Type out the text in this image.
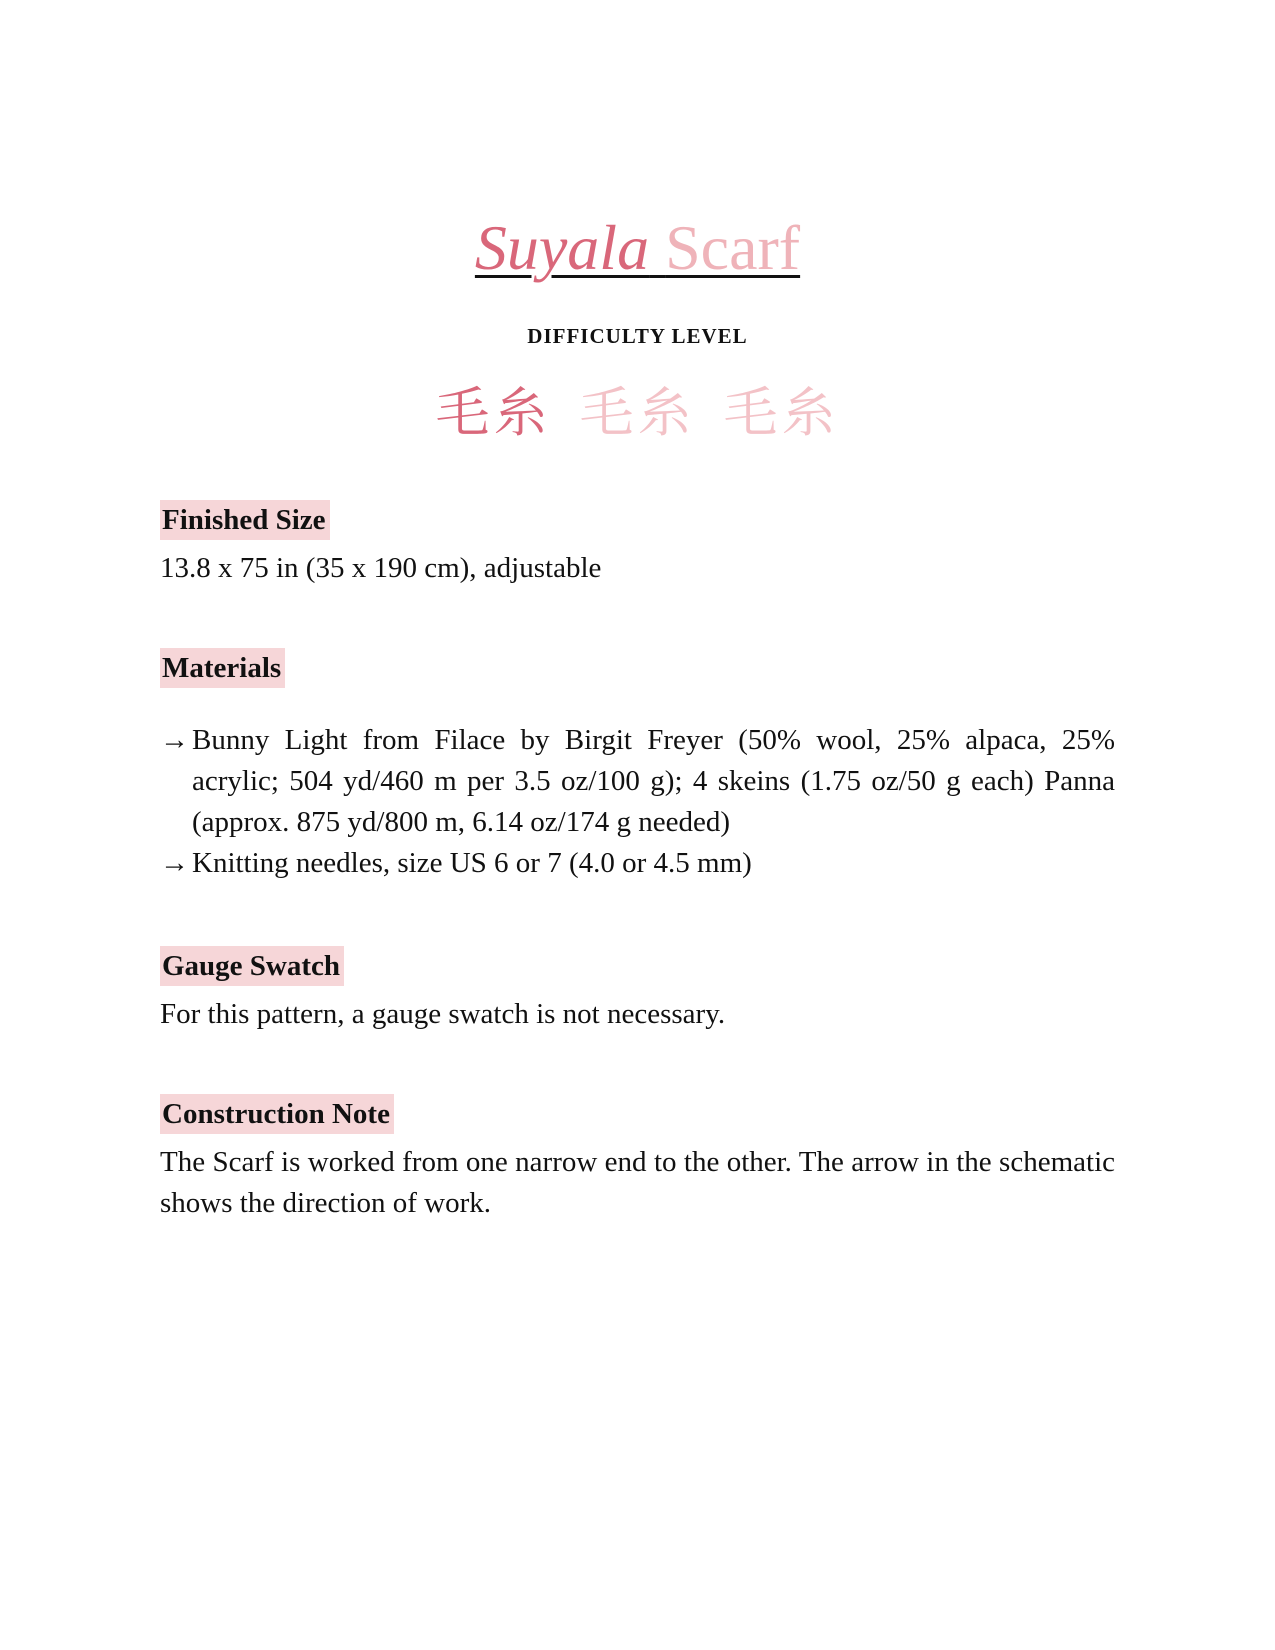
Suyala Scarf
DIFFICULTY LEVEL
毛糸 毛糸 毛糸
Finished Size
13.8 x 75 in (35 x 190 cm), adjustable
Materials
→ Bunny Light from Filace by Birgit Freyer (50% wool, 25% alpaca, 25% acrylic; 504 yd/460 m per 3.5 oz/100 g); 4 skeins (1.75 oz/50 g each) Panna (approx. 875 yd/800 m, 6.14 oz/174 g needed)
→ Knitting needles, size US 6 or 7 (4.0 or 4.5 mm)
Gauge Swatch
For this pattern, a gauge swatch is not necessary.
Construction Note
The Scarf is worked from one narrow end to the other. The arrow in the schematic shows the direction of work.
